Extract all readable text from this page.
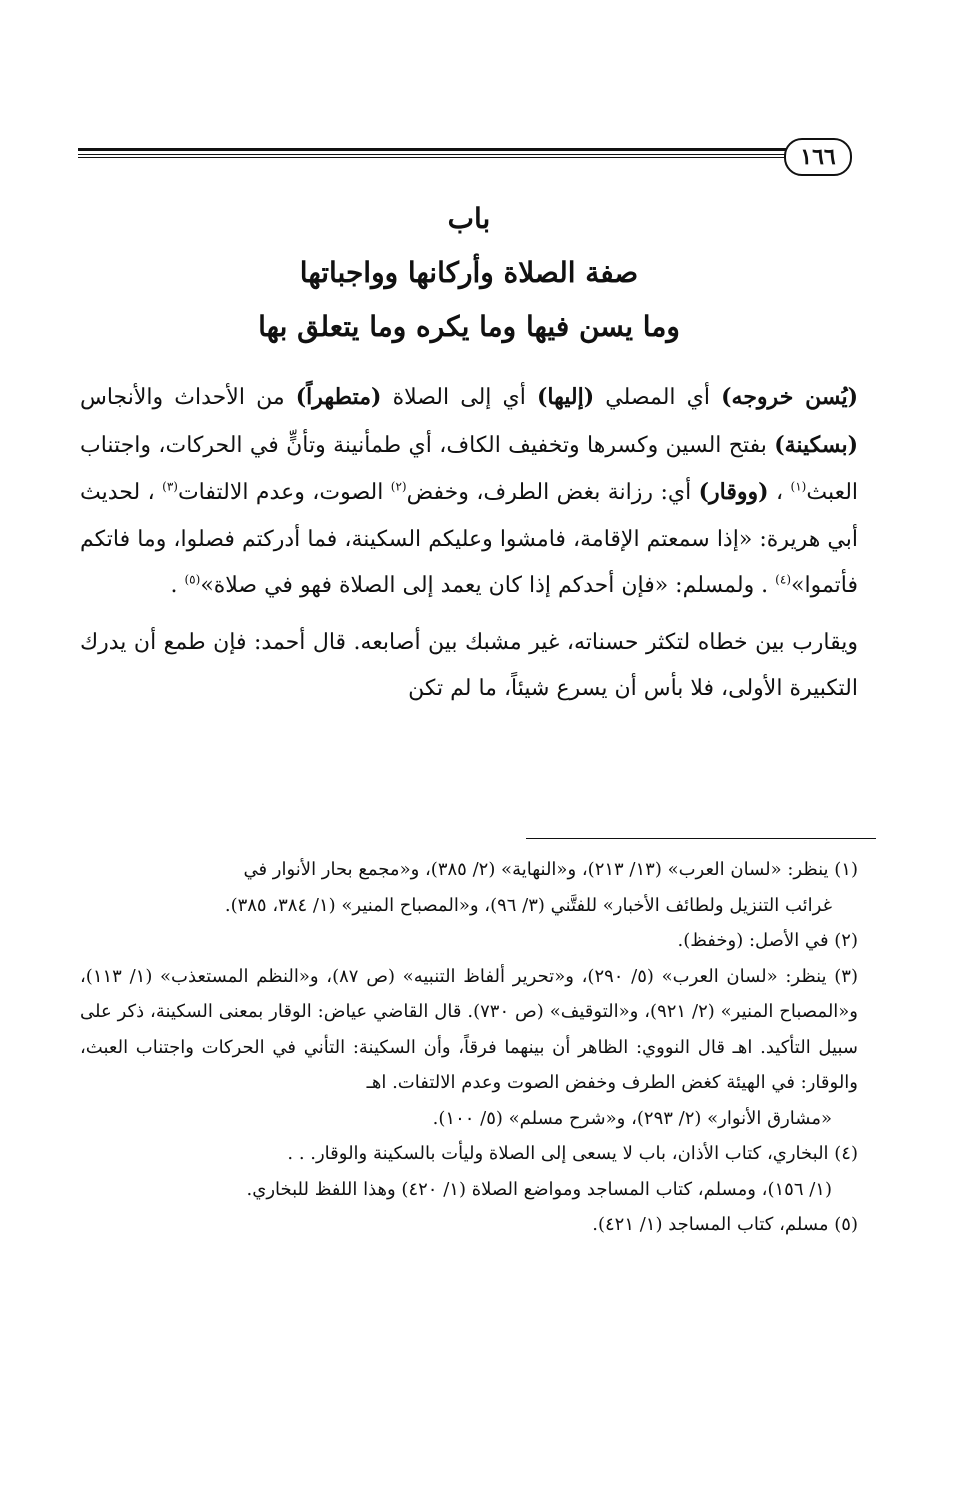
١٦٦
باب
صفة الصلاة وأركانها وواجباتها
وما يسن فيها وما يكره وما يتعلق بها

(يُسن خروجه) أي المصلي (إليها) أي إلى الصلاة (متطهراً) من الأحداث والأنجاس (بسكينة) بفتح السين وكسرها وتخفيف الكاف، أي طمأنينة وتأنٍّ في الحركات، واجتناب العبث$^{(١)}$ ، (ووقار) أي: رزانة بغض الطرف، وخفض$^{(٢)}$ الصوت، وعدم الالتفات$^{(٣)}$ ، لحديث أبي هريرة: «إذا سمعتم الإقامة، فامشوا وعليكم السكينة، فما أدركتم فصلوا، وما فاتكم فأتموا»$^{(٤)}$ . ولمسلم: «فإن أحدكم إذا كان يعمد إلى الصلاة فهو في صلاة»$^{(٥)}$ .

ويقارب بين خطاه لتكثر حسناته، غير مشبك بين أصابعه. قال أحمد: فإن طمع أن يدرك التكبيرة الأولى، فلا بأس أن يسرع شيئاً، ما لم تكن

(١) ينظر: «لسان العرب» (١٣/ ٢١٣)، و«النهاية» (٢/ ٣٨٥)، و«مجمع بحار الأنوار في
غرائب التنزيل ولطائف الأخبار» للفتَّني (٣/ ٩٦)، و«المصباح المنير» (١/ ٣٨٤، ٣٨٥).
(٢) في الأصل: (وخفظ).
(٣) ينظر: «لسان العرب» (٥/ ٢٩٠)، و«تحرير ألفاظ التنبيه» (ص ٨٧)، و«النظم المستعذب» (١/ ١١٣)، و«المصباح المنير» (٢/ ٩٢١)، و«التوقيف» (ص ٧٣٠). قال القاضي عياض: الوقار بمعنى السكينة، ذكر على سبيل التأكيد. اهـ قال النووي: الظاهر أن بينهما فرقاً، وأن السكينة: التأني في الحركات واجتناب العبث، والوقار: في الهيئة كغض الطرف وخفض الصوت وعدم الالتفات. اهـ
«مشارق الأنوار» (٢/ ٢٩٣)، و«شرح مسلم» (٥/ ١٠٠).
(٤) البخاري، كتاب الأذان، باب لا يسعى إلى الصلاة وليأت بالسكينة والوقار. . .
(١/ ١٥٦)، ومسلم، كتاب المساجد ومواضع الصلاة (١/ ٤٢٠) وهذا اللفظ للبخاري.
(٥) مسلم، كتاب المساجد (١/ ٤٢١).
